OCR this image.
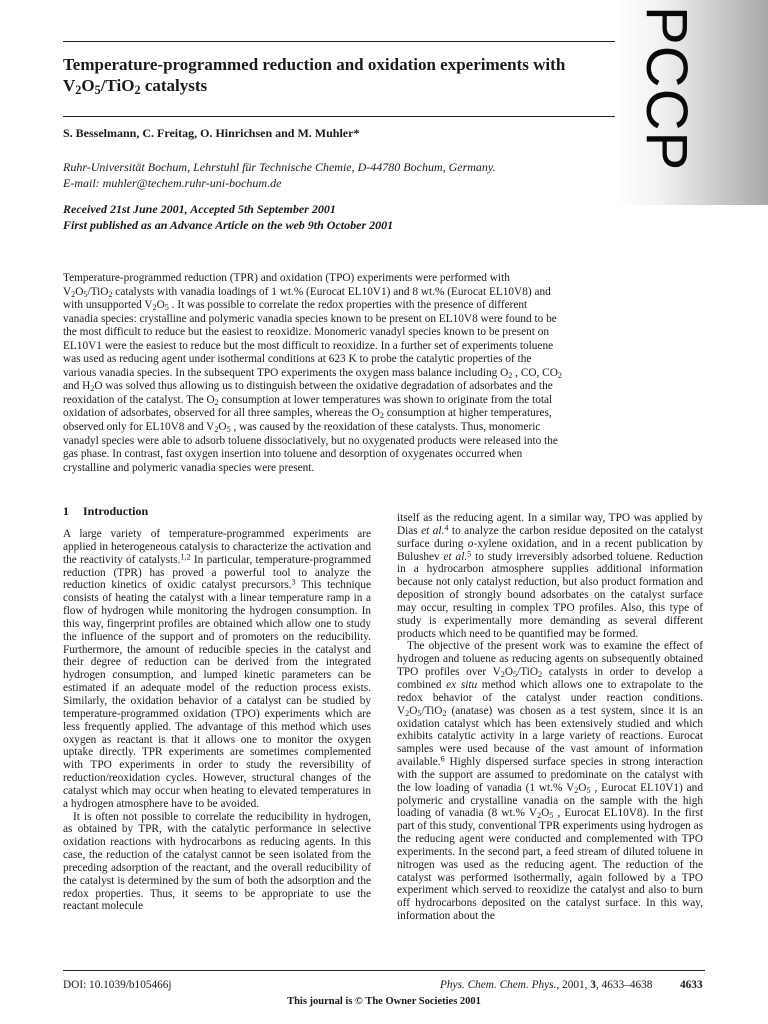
PCCP
Temperature-programmed reduction and oxidation experiments with $V_2O_5/TiO_2$ catalysts
S. Besselmann, C. Freitag, O. Hinrichsen and M. Muhler*
Ruhr-Universität Bochum, Lehrstuhl für Technische Chemie, D-44780 Bochum, Germany.
E-mail: muhler@techem.ruhr-uni-bochum.de
Received 21st June 2001, Accepted 5th September 2001
First published as an Advance Article on the web 9th October 2001

Temperature-programmed reduction (TPR) and oxidation (TPO) experiments were performed with
$V_2O_5/TiO_2$ catalysts with vanadia loadings of 1 wt.% (Eurocat EL10V1) and 8 wt.% (Eurocat EL10V8) and
with unsupported $V_2O_5$ . It was possible to correlate the redox properties with the presence of different
vanadia species: crystalline and polymeric vanadia species known to be present on EL10V8 were found to be
the most difficult to reduce but the easiest to reoxidize. Monomeric vanadyl species known to be present on
EL10V1 were the easiest to reduce but the most difficult to reoxidize. In a further set of experiments toluene
was used as reducing agent under isothermal conditions at 623 K to probe the catalytic properties of the
various vanadia species. In the subsequent TPO experiments the oxygen mass balance including $O_2$ , CO, $CO_2$
and $H_2O$ was solved thus allowing us to distinguish between the oxidative degradation of adsorbates and the
reoxidation of the catalyst. The $O_2$ consumption at lower temperatures was shown to originate from the total
oxidation of adsorbates, observed for all three samples, whereas the $O_2$ consumption at higher temperatures,
observed only for EL10V8 and $V_2O_5$ , was caused by the reoxidation of these catalysts. Thus, monomeric
vanadyl species were able to adsorb toluene dissociatively, but no oxygenated products were released into the
gas phase. In contrast, fast oxygen insertion into toluene and desorption of oxygenates occurred when
crystalline and polymeric vanadia species were present.

1 Introduction

A large variety of temperature-programmed experiments are applied in heterogeneous catalysis to characterize the activation and the reactivity of catalysts.$^{1,2}$ In particular, temperature-programmed reduction (TPR) has proved a powerful tool to analyze the reduction kinetics of oxidic catalyst precursors.$^3$ This technique consists of heating the catalyst with a linear temperature ramp in a flow of hydrogen while monitoring the hydrogen consumption. In this way, fingerprint profiles are obtained which allow one to study the influence of the support and of promoters on the reducibility. Furthermore, the amount of reducible species in the catalyst and their degree of reduction can be derived from the integrated hydrogen consumption, and lumped kinetic parameters can be estimated if an adequate model of the reduction process exists. Similarly, the oxidation behavior of a catalyst can be studied by temperature-programmed oxidation (TPO) experiments which are less frequently applied. The advantage of this method which uses oxygen as reactant is that it allows one to monitor the oxygen uptake directly. TPR experiments are sometimes complemented with TPO experiments in order to study the reversibility of reduction/reoxidation cycles. However, structural changes of the catalyst which may occur when heating to elevated temperatures in a hydrogen atmosphere have to be avoided.

It is often not possible to correlate the reducibility in hydrogen, as obtained by TPR, with the catalytic performance in selective oxidation reactions with hydrocarbons as reducing agents. In this case, the reduction of the catalyst cannot be seen isolated from the preceding adsorption of the reactant, and the overall reducibility of the catalyst is determined by the sum of both the adsorption and the redox properties. Thus, it seems to be appropriate to use the reactant molecule

itself as the reducing agent. In a similar way, TPO was applied by Dias et al.$^4$ to analyze the carbon residue deposited on the catalyst surface during o-xylene oxidation, and in a recent publication by Bulushev et al.$^5$ to study irreversibly adsorbed toluene. Reduction in a hydrocarbon atmosphere supplies additional information because not only catalyst reduction, but also product formation and deposition of strongly bound adsorbates on the catalyst surface may occur, resulting in complex TPO profiles. Also, this type of study is experimentally more demanding as several different products which need to be quantified may be formed.

The objective of the present work was to examine the effect of hydrogen and toluene as reducing agents on subsequently obtained TPO profiles over $V_2O_5/TiO_2$ catalysts in order to develop a combined ex situ method which allows one to extrapolate to the redox behavior of the catalyst under reaction conditions. $V_2O_5/TiO_2$ (anatase) was chosen as a test system, since it is an oxidation catalyst which has been extensively studied and which exhibits catalytic activity in a large variety of reactions. Eurocat samples were used because of the vast amount of information available.$^6$ Highly dispersed surface species in strong interaction with the support are assumed to predominate on the catalyst with the low loading of vanadia (1 wt.% $V_2O_5$ , Eurocat EL10V1) and polymeric and crystalline vanadia on the sample with the high loading of vanadia (8 wt.% $V_2O_5$ , Eurocat EL10V8). In the first part of this study, conventional TPR experiments using hydrogen as the reducing agent were conducted and complemented with TPO experiments. In the second part, a feed stream of diluted toluene in nitrogen was used as the reducing agent. The reduction of the catalyst was performed isothermally, again followed by a TPO experiment which served to reoxidize the catalyst and also to burn off hydrocarbons deposited on the catalyst surface. In this way, information about the

DOI: 10.1039/b105466j	Phys. Chem. Chem. Phys., 2001, 3, 4633–4638 4633
This journal is © The Owner Societies 2001
